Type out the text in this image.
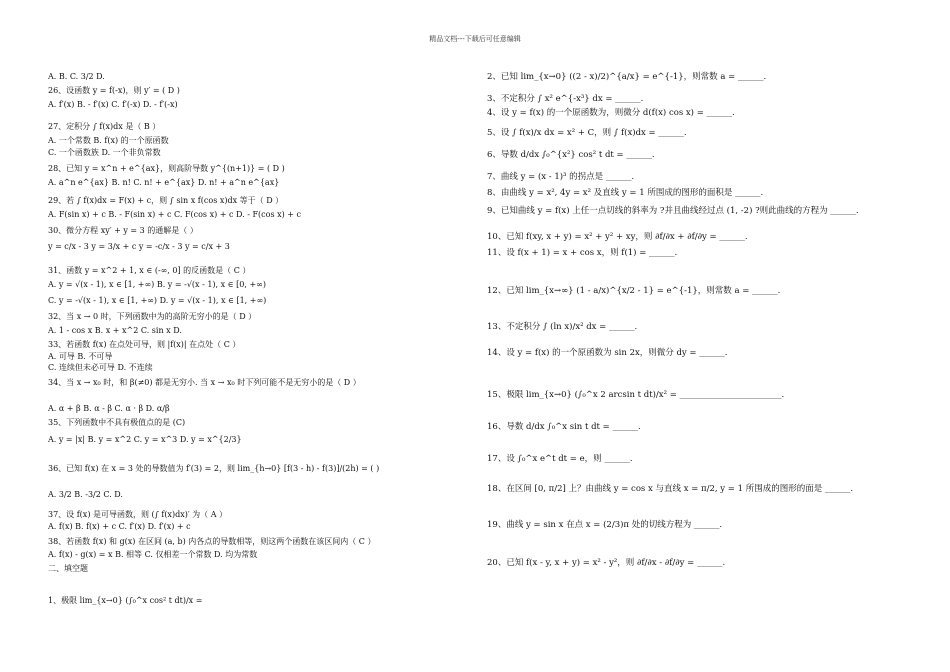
精品文档---下载后可任意编辑
A. B. C. 3/2 D.
26、设函数 y = f(-x)，则 y′ = ( D )
A. f′(x) B. - f′(x) C. f′(-x) D. - f′(-x)
27、定积分 ∫ f(x)dx 是（ B ）
A. 一个常数 B. f(x) 的一个原函数
C. 一个函数族 D. 一个非负常数
28、已知 y = x^n + e^{ax}，则高阶导数 y^{(n+1)} = ( D )
A. a^n e^{ax} B. n! C. n! + e^{ax} D. n! + a^n e^{ax}
29、若 ∫ f(x)dx = F(x) + c，则 ∫ sin x f(cos x)dx 等于（ D ）
A. F(sin x) + c B. - F(sin x) + c C. F(cos x) + c D. - F(cos x) + c
30、微分方程 xy′ + y = 3 的通解是（ ）
y = c/x - 3 y = 3/x + c y = -c/x - 3 y = c/x + 3
31、函数 y = x^2 + 1, x ∈ (-∞, 0] 的反函数是（ C ）
A. y = √(x - 1), x ∈ [1, +∞) B. y = -√(x - 1), x ∈ [0, +∞)
C. y = -√(x - 1), x ∈ [1, +∞) D. y = √(x - 1), x ∈ [1, +∞)
32、当 x → 0 时，下列函数中为的高阶无穷小的是（ D ）
A. 1 - cos x B. x + x^2 C. sin x D.
33、若函数 f(x) 在点处可导，则 |f(x)| 在点处（ C ）
A. 可导 B. 不可导
C. 连续但未必可导 D. 不连续
34、当 x → x₀ 时，和 β(≠0) 都是无穷小. 当 x → x₀ 时下列可能不是无穷小的是（ D ）
A. α + β B. α - β C. α · β D. α/β
35、下列函数中不具有极值点的是 (C)
A. y = |x| B. y = x^2 C. y = x^3 D. y = x^{2/3}
36、已知 f(x) 在 x = 3 处的导数值为 f′(3) = 2，则 lim_{h→0} [f(3 - h) - f(3)]/(2h) = ( )
A. 3/2 B. -3/2 C. D.
37、设 f(x) 是可导函数，则 (∫ f(x)dx)′ 为（ A ）
A. f(x) B. f(x) + c C. f′(x) D. f′(x) + c
38、若函数 f(x) 和 g(x) 在区间 (a, b) 内各点的导数相等，则这两个函数在该区间内（ C ）
A. f(x) - g(x) = x B. 相等 C. 仅相差一个常数 D. 均为常数
二、填空题
1、极限 lim_{x→0} (∫₀^x cos² t dt)/x =
2、已知 lim_{x→0} ((2 - x)/2)^{a/x} = e^{-1}，则常数 a = ______.
3、不定积分 ∫ x² e^{-x³} dx = ______.
4、设 y = f(x) 的一个原函数为，则微分 d(f(x) cos x) = ______.
5、设 ∫ f(x)/x dx = x² + C，则 ∫ f(x)dx = ______.
6、导数 d/dx ∫₀^{x²} cos² t dt = ______.
7、曲线 y = (x - 1)³ 的拐点是 ______.
8、由曲线 y = x², 4y = x² 及直线 y = 1 所围成的图形的面积是 ______.
9、已知曲线 y = f(x) 上任一点切线的斜率为 ?并且曲线经过点 (1, -2) ?则此曲线的方程为 ______.
10、已知 f(xy, x + y) = x² + y² + xy，则 ∂f/∂x + ∂f/∂y = ______.
11、设 f(x + 1) = x + cos x，则 f(1) = ______.
12、已知 lim_{x→∞} (1 - a/x)^{x/2 - 1} = e^{-1}，则常数 a = ______.
13、不定积分 ∫ (ln x)/x² dx = ______.
14、设 y = f(x) 的一个原函数为 sin 2x，则微分 dy = ______.
15、极限 lim_{x→0} (∫₀^x 2 arcsin t dt)/x² = ________________________.
16、导数 d/dx ∫₀^x sin t dt = ______.
17、设 ∫₀^x e^t dt = e，则 ______.
18、在区间 [0, π/2] 上？由曲线 y = cos x 与直线 x = π/2, y = 1 所围成的图形的面是 ______.
19、曲线 y = sin x 在点 x = (2/3)π 处的切线方程为 ______.
20、已知 f(x - y, x + y) = x² - y²，则 ∂f/∂x - ∂f/∂y = ______.
